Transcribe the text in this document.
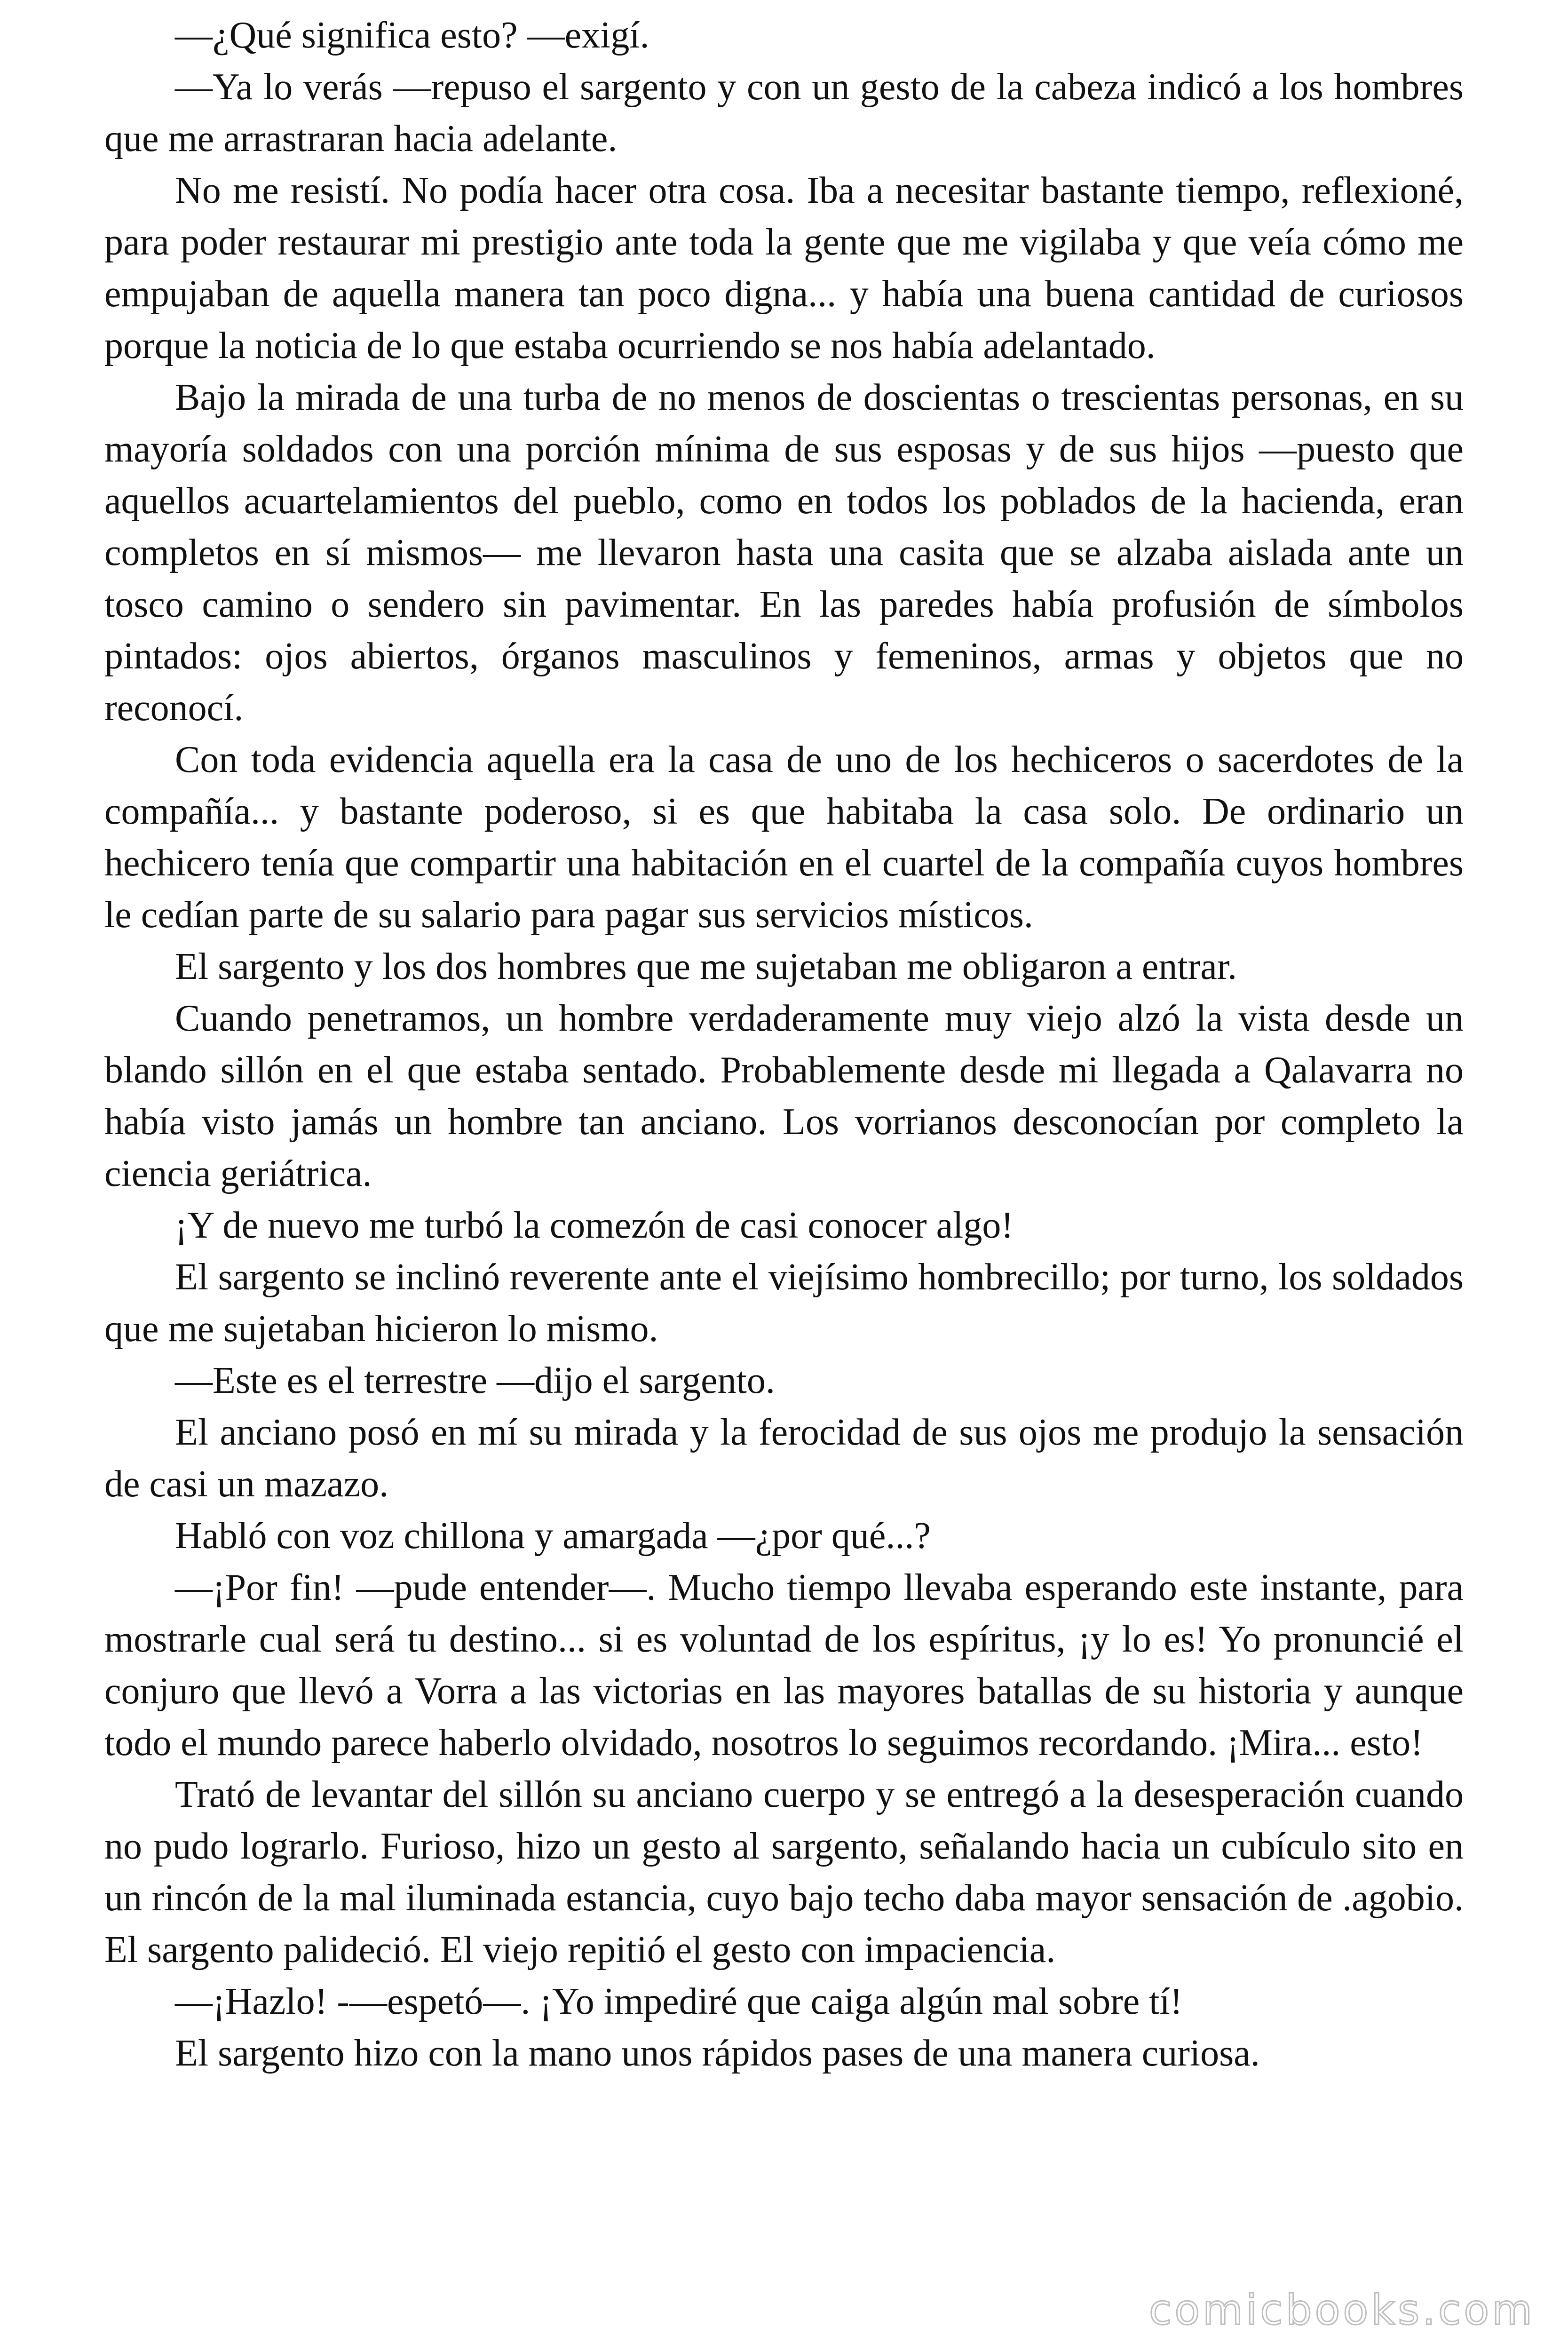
—¿Qué significa esto? —exigí.

—Ya lo verás —repuso el sargento y con un gesto de la cabeza indicó a los hombres que me arrastraran hacia adelante.

No me resistí. No podía hacer otra cosa. Iba a necesitar bastante tiempo, reflexioné, para poder restaurar mi prestigio ante toda la gente que me vigilaba y que veía cómo me empujaban de aquella manera tan poco digna... y había una buena cantidad de curiosos porque la noticia de lo que estaba ocurriendo se nos había adelantado.

Bajo la mirada de una turba de no menos de doscientas o trescientas personas, en su mayoría soldados con una porción mínima de sus esposas y de sus hijos —puesto que aquellos acuartelamientos del pueblo, como en todos los poblados de la hacienda, eran completos en sí mismos— me llevaron hasta una casita que se alzaba aislada ante un tosco camino o sendero sin pavimentar. En las paredes había profusión de símbolos pintados: ojos abiertos, órganos masculinos y femeninos, armas y objetos que no reconocí.

Con toda evidencia aquella era la casa de uno de los hechiceros o sacerdotes de la compañía... y bastante poderoso, si es que habitaba la casa solo. De ordinario un hechicero tenía que compartir una habitación en el cuartel de la compañía cuyos hombres le cedían parte de su salario para pagar sus servicios místicos.

El sargento y los dos hombres que me sujetaban me obligaron a entrar.

Cuando penetramos, un hombre verdaderamente muy viejo alzó la vista desde un blando sillón en el que estaba sentado. Probablemente desde mi llegada a Qalavarra no había visto jamás un hombre tan anciano. Los vorrianos desconocían por completo la ciencia geriátrica.

¡Y de nuevo me turbó la comezón de casi conocer algo!

El sargento se inclinó reverente ante el viejísimo hombrecillo; por turno, los soldados que me sujetaban hicieron lo mismo.

—Este es el terrestre —dijo el sargento.

El anciano posó en mí su mirada y la ferocidad de sus ojos me produjo la sensación de casi un mazazo.

Habló con voz chillona y amargada —¿por qué...?

—¡Por fin! —pude entender—. Mucho tiempo llevaba esperando este instante, para mostrarle cual será tu destino... si es voluntad de los espíritus, ¡y lo es! Yo pronuncié el conjuro que llevó a Vorra a las victorias en las mayores batallas de su historia y aunque todo el mundo parece haberlo olvidado, nosotros lo seguimos recordando. ¡Mira... esto!

Trató de levantar del sillón su anciano cuerpo y se entregó a la desesperación cuando no pudo lograrlo. Furioso, hizo un gesto al sargento, señalando hacia un cubículo sito en un rincón de la mal iluminada estancia, cuyo bajo techo daba mayor sensación de .agobio. El sargento palideció. El viejo repitió el gesto con impaciencia.

—¡Hazlo! -—espetó—. ¡Yo impediré que caiga algún mal sobre tí!

El sargento hizo con la mano unos rápidos pases de una manera curiosa.

comicbooks.com
